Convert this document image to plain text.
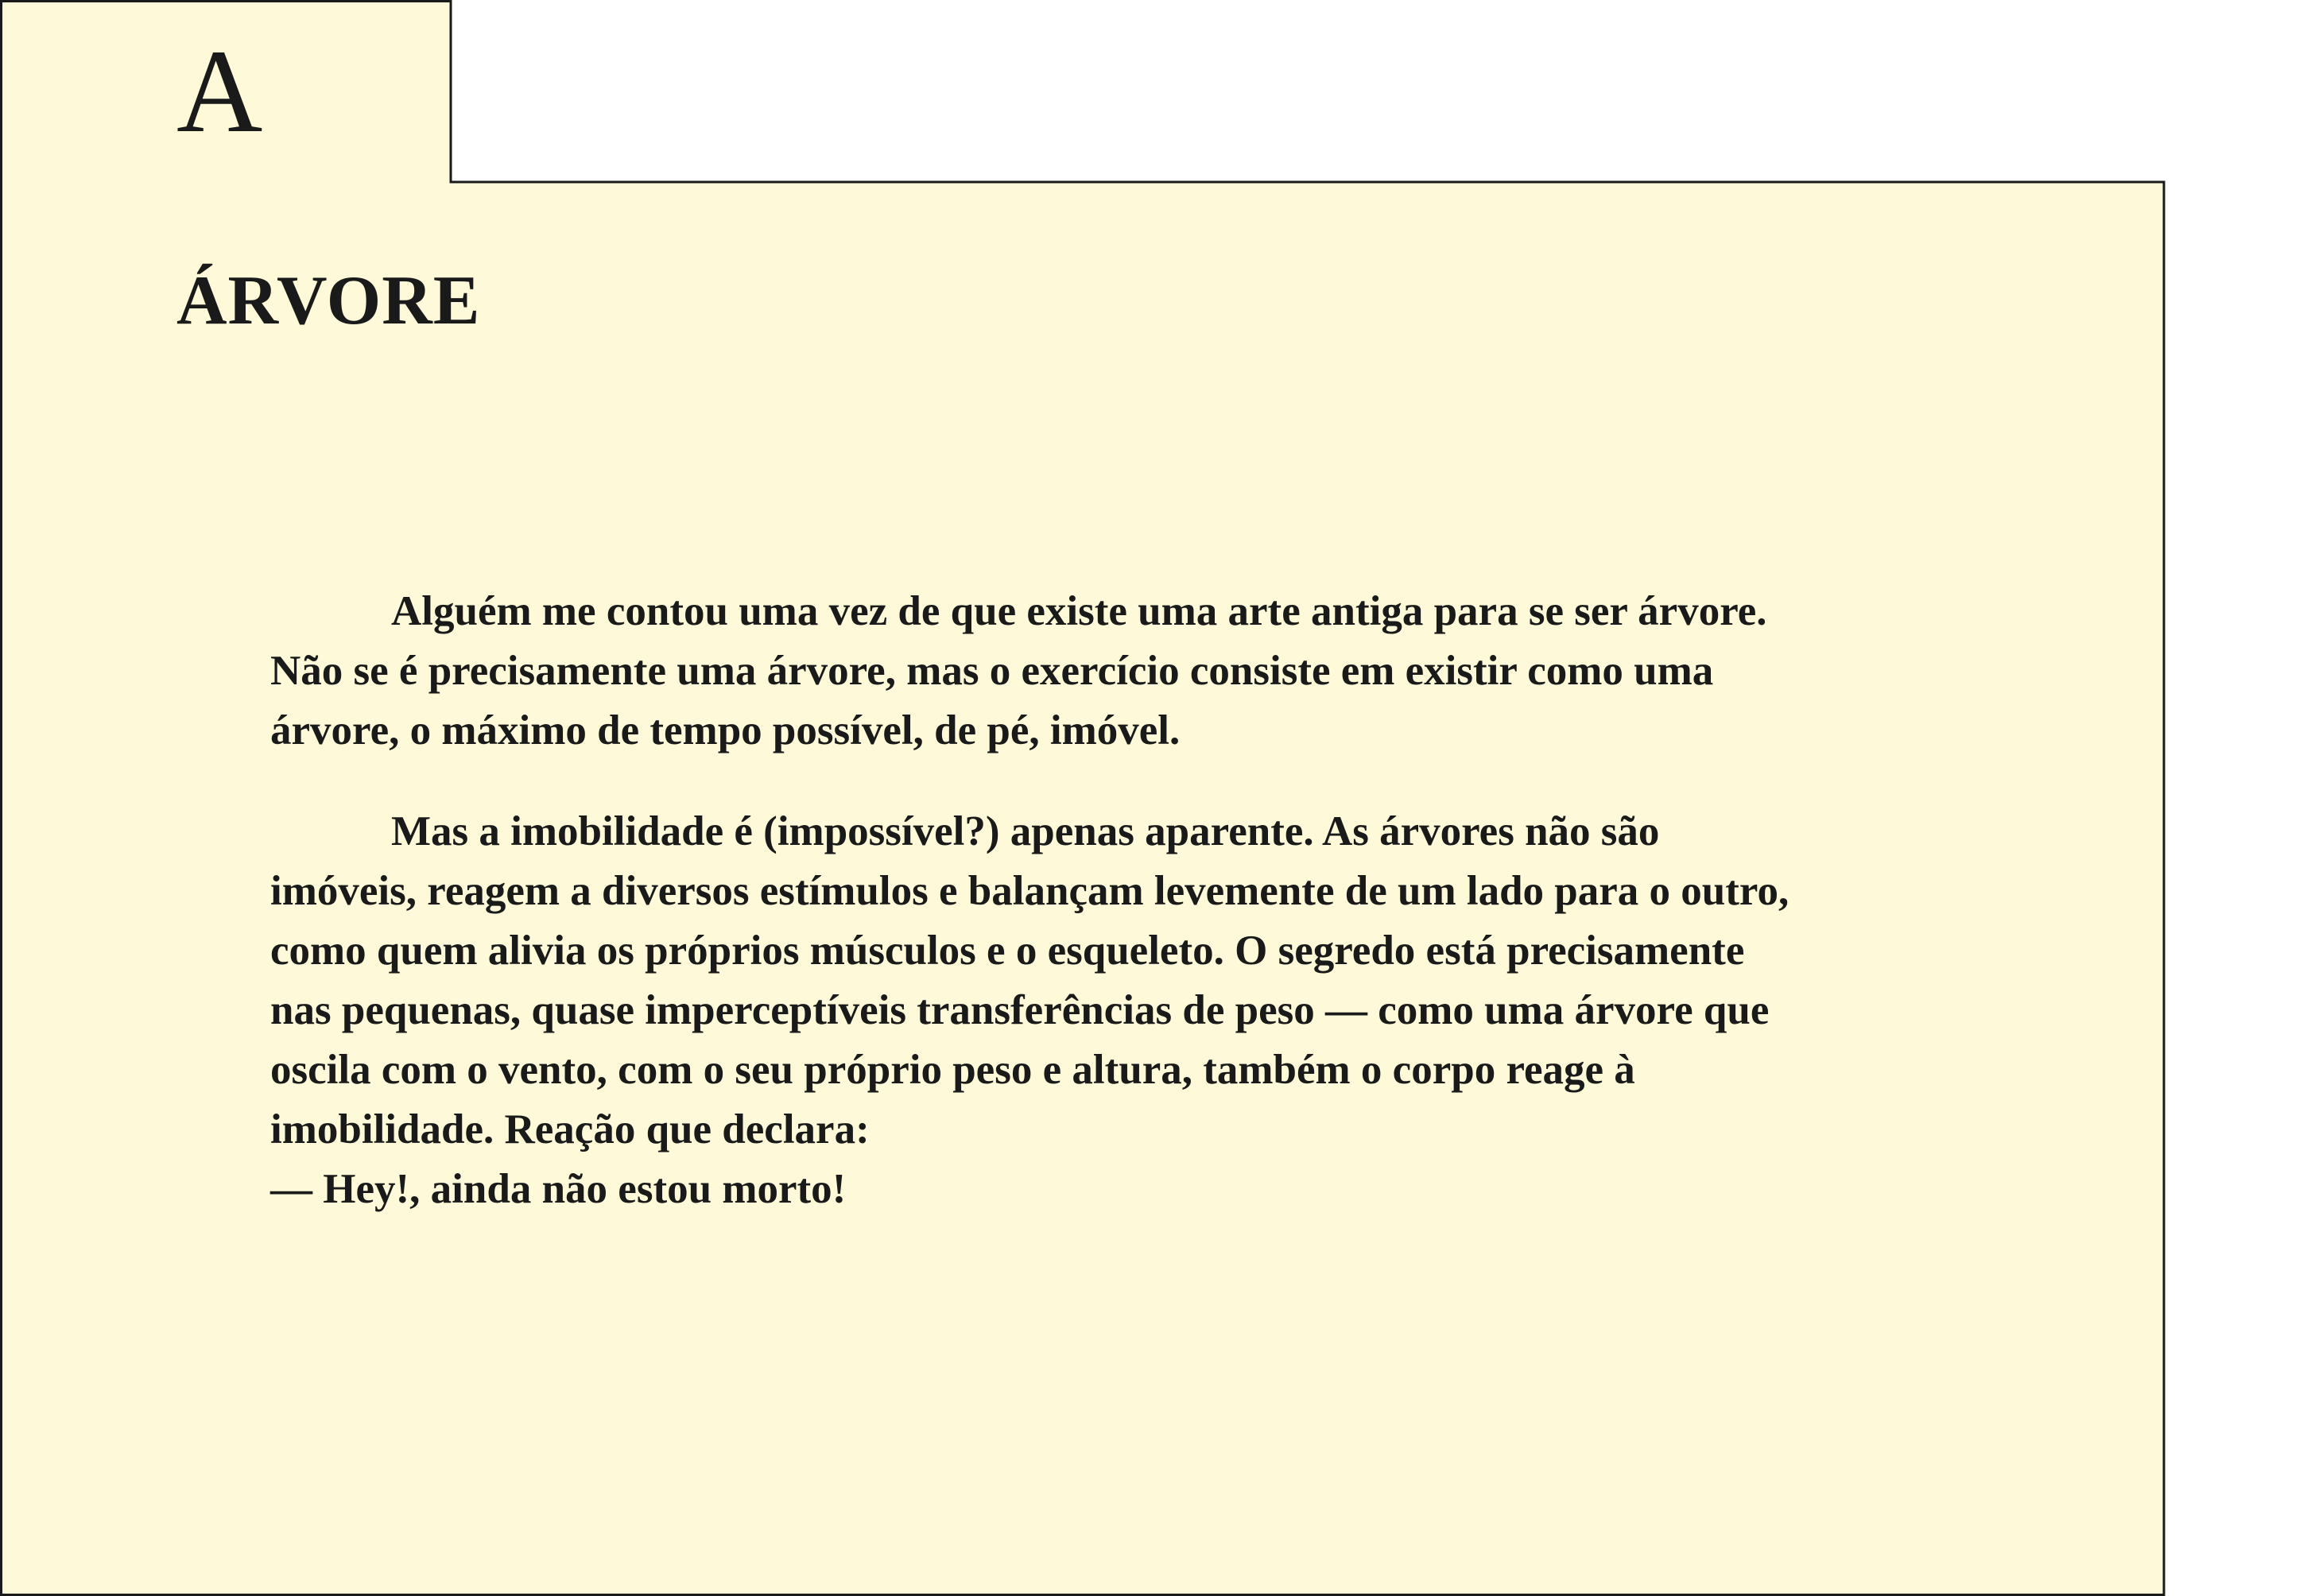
A
ÁRVORE

Alguém me contou uma vez de que existe uma arte antiga para se ser árvore.
Não se é precisamente uma árvore, mas o exercício consiste em existir como uma
árvore, o máximo de tempo possível, de pé, imóvel.

Mas a imobilidade é (impossível?) apenas aparente. As árvores não são
imóveis, reagem a diversos estímulos e balançam levemente de um lado para o outro,
como quem alivia os próprios músculos e o esqueleto. O segredo está precisamente
nas pequenas, quase imperceptíveis transferências de peso — como uma árvore que
oscila com o vento, com o seu próprio peso e altura, também o corpo reage à
imobilidade. Reação que declara:
— Hey!, ainda não estou morto!
